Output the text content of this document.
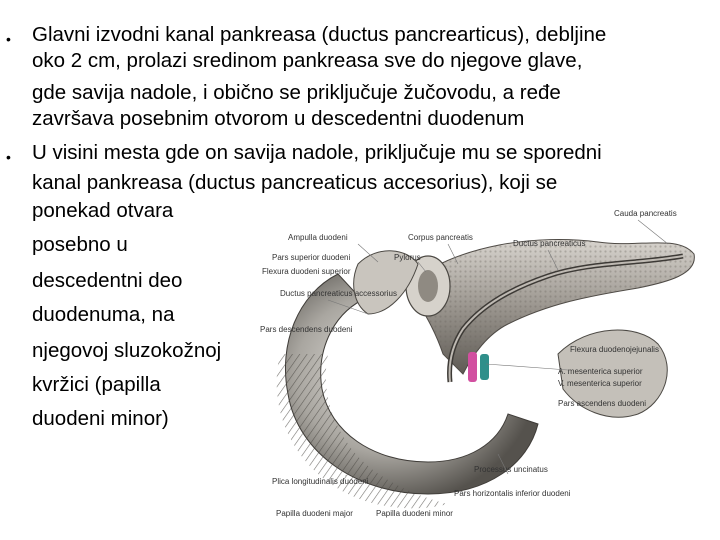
• Glavni izvodni kanal pankreasa (ductus pancrearticus), debljine
oko 2 cm, prolazi sredinom pankreasa sve do njegove glave,
gde savija nadole, i obično se priključuje žučovodu, a ređe
završava posebnim otvorom u descedentni duodenum
• U visini mesta gde on savija nadole, priključuje mu se sporedni
kanal pankreasa (ductus pancreaticus accesorius), koji se
ponekad otvara
posebno u
descedentni deo
duodenuma, na
njegovoj sluzokožnoj
kvržici (papilla
duodeni minor)
Cauda pancreatis
Ampulla duodeni	Corpus pancreatis
Ductus pancreaticus
Pars superior duodeni	Pylorus
Flexura duodeni superior
Ductus pancreaticus accessorius
Pars descendens duodeni
Flexura duodenojejunalis
A. mesenterica superior
V. mesenterica superior
Pars ascendens duodeni
Plica longitudinalis duodeni
Processus uncinatus
Pars horizontalis inferior duodeni
Papilla duodeni major	Papilla duodeni minor
